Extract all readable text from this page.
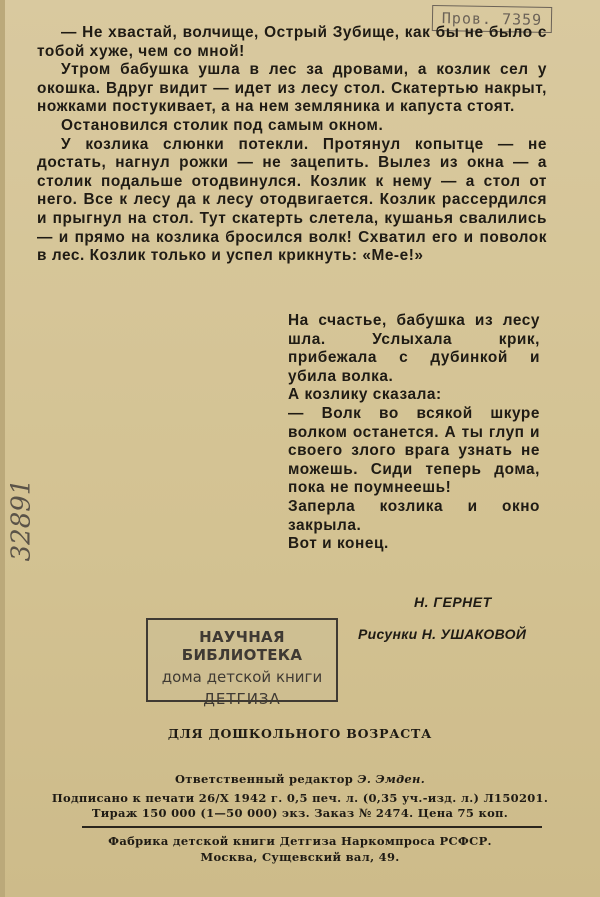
Пров. 7359
32891

— Не хвастай, волчище, Острый Зубище, как бы не было с тобой хуже, чем со мной!

Утром бабушка ушла в лес за дровами, а козлик сел у окошка. Вдруг видит — идет из лесу стол. Скатертью накрыт, ножками постукивает, а на нем земляника и капуста стоят.

Остановился столик под самым окном.

У козлика слюнки потекли. Протянул копытце — не достать, нагнул рожки — не зацепить. Вылез из окна — а столик подальше отодвинулся. Козлик к нему — а стол от него. Все к лесу да к лесу отодвигается. Козлик рассердился и прыгнул на стол. Тут скатерть слетела, кушанья свалились — и прямо на козлика бросился волк! Схватил его и поволок в лес. Козлик только и успел крикнуть: «Ме-е!»

На счастье, бабушка из лесу шла. Услыхала крик, прибежала с дубинкой и убила волка.

А козлику сказала:

— Волк во всякой шкуре волком останется. А ты глуп и своего злого врага узнать не можешь. Сиди теперь дома, пока не поумнеешь!

Заперла козлика и окно закрыла.

Вот и конец.

Н. ГЕРНЕТ
Рисунки Н. УШАКОВОЙ
НАУЧНАЯ БИБЛИОТЕКА
дома детской книги
ДЕТГИЗА
ДЛЯ ДОШКОЛЬНОГО ВОЗРАСТА
Ответственный редактор Э. Эмден.
Подписано к печати 26/X 1942 г. 0,5 печ. л. (0,35 уч.-изд. л.) Л150201.
Тираж 150 000 (1—50 000) экз. Заказ № 2474. Цена 75 коп.
Фабрика детской книги Детгиза Наркомпроса РСФСР.
Москва, Сущевский вал, 49.
